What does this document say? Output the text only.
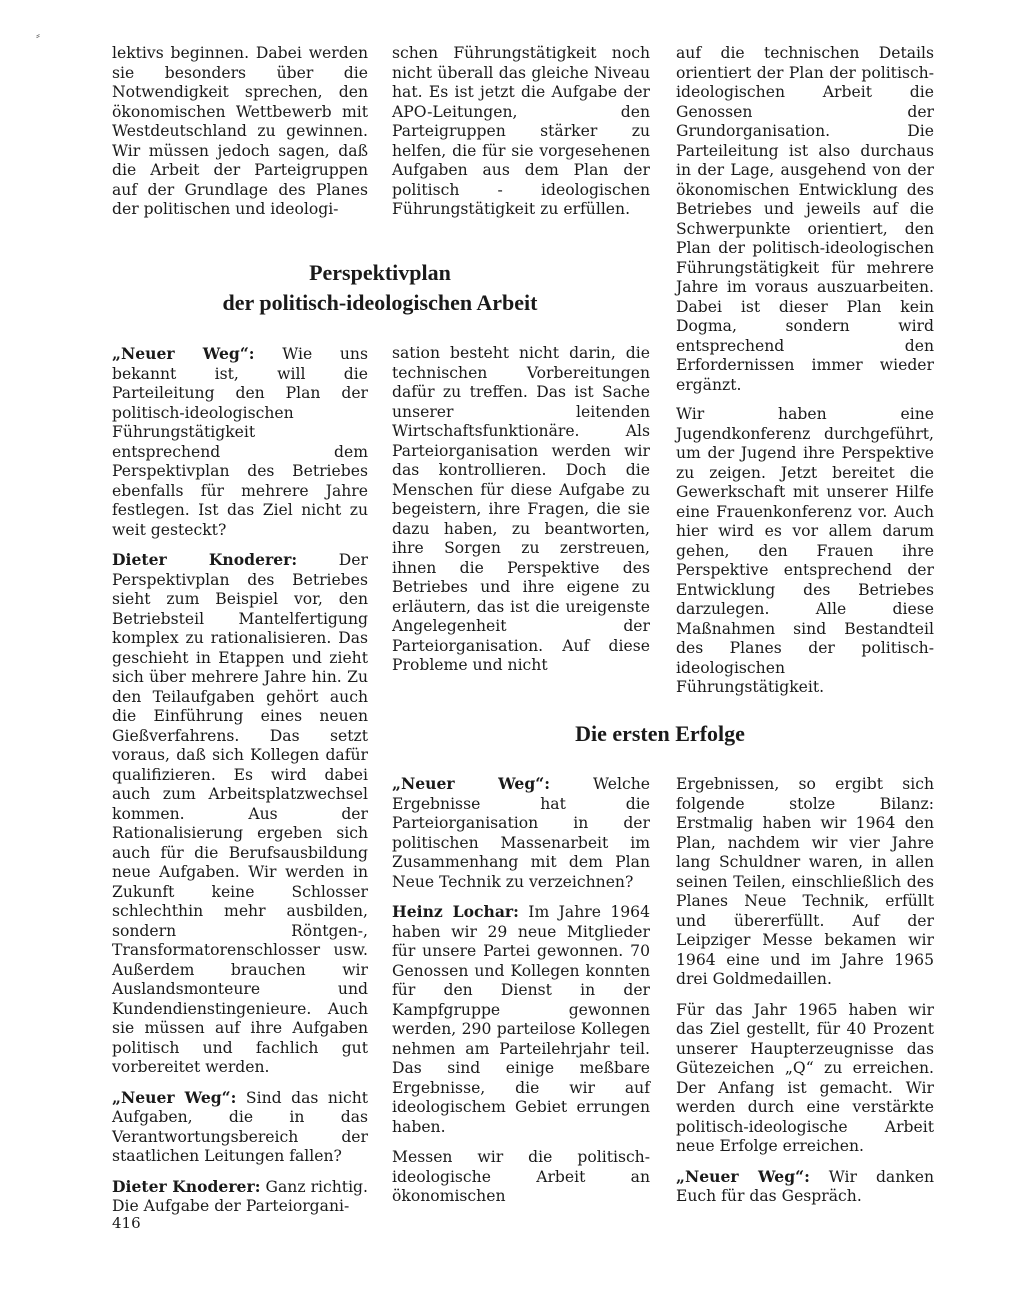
⸗

lektivs beginnen. Dabei werden sie besonders über die Notwendigkeit sprechen, den ökonomischen Wettbewerb mit Westdeutschland zu gewinnen. Wir müssen jedoch sagen, daß die Arbeit der Parteigruppen auf der Grundlage des Planes der politischen und ideologi-

schen Führungstätigkeit noch nicht überall das gleiche Niveau hat. Es ist jetzt die Aufgabe der APO-Leitungen, den Parteigruppen stärker zu helfen, die für sie vorgesehenen Aufgaben aus dem Plan der politisch - ideologischen Führungstätigkeit zu erfüllen.

auf die technischen Details orientiert der Plan der politisch-ideologischen Arbeit die Genossen der Grundorganisation. Die Parteileitung ist also durchaus in der Lage, ausgehend von der ökonomischen Entwicklung des Betriebes und jeweils auf die Schwerpunkte orientiert, den Plan der politisch-ideologischen Führungstätigkeit für mehrere Jahre im voraus auszuarbeiten. Dabei ist dieser Plan kein Dogma, sondern wird entsprechend den Erfordernissen immer wieder ergänzt.

Wir haben eine Jugendkonferenz durchgeführt, um der Jugend ihre Perspektive zu zeigen. Jetzt bereitet die Gewerkschaft mit unserer Hilfe eine Frauenkonferenz vor. Auch hier wird es vor allem darum gehen, den Frauen ihre Perspektive entsprechend der Entwicklung des Betriebes darzulegen. Alle diese Maßnahmen sind Bestandteil des Planes der politisch-ideologischen Führungstätigkeit.

Perspektivplan
der politisch-ideologischen Arbeit

„Neuer Weg“: Wie uns bekannt ist, will die Parteileitung den Plan der politisch-ideologischen Führungstätigkeit entsprechend dem Perspektivplan des Betriebes ebenfalls für mehrere Jahre festlegen. Ist das Ziel nicht zu weit gesteckt?

Dieter Knoderer: Der Perspektivplan des Betriebes sieht zum Beispiel vor, den Betriebsteil Mantelfertigung komplex zu rationalisieren. Das geschieht in Etappen und zieht sich über mehrere Jahre hin. Zu den Teilaufgaben gehört auch die Einführung eines neuen Gießverfahrens. Das setzt voraus, daß sich Kollegen dafür qualifizieren. Es wird dabei auch zum Arbeitsplatzwechsel kommen. Aus der Rationalisierung ergeben sich auch für die Berufsausbildung neue Aufgaben. Wir werden in Zukunft keine Schlosser schlechthin mehr ausbilden, sondern Röntgen-, Transformatorenschlosser usw. Außerdem brauchen wir Auslandsmonteure und Kundendienstingenieure. Auch sie müssen auf ihre Aufgaben politisch und fachlich gut vorbereitet werden.

„Neuer Weg“: Sind das nicht Aufgaben, die in das Verantwortungsbereich der staatlichen Leitungen fallen?

Dieter Knoderer: Ganz richtig. Die Aufgabe der Parteiorgani-

sation besteht nicht darin, die technischen Vorbereitungen dafür zu treffen. Das ist Sache unserer leitenden Wirtschaftsfunktionäre. Als Parteiorganisation werden wir das kontrollieren. Doch die Menschen für diese Aufgabe zu begeistern, ihre Fragen, die sie dazu haben, zu beantworten, ihre Sorgen zu zerstreuen, ihnen die Perspektive des Betriebes und ihre eigene zu erläutern, das ist die ureigenste Angelegenheit der Parteiorganisation. Auf diese Probleme und nicht

Die ersten Erfolge

„Neuer Weg“: Welche Ergebnisse hat die Parteiorganisation in der politischen Massenarbeit im Zusammenhang mit dem Plan Neue Technik zu verzeichnen?

Heinz Lochar: Im Jahre 1964 haben wir 29 neue Mitglieder für unsere Partei gewonnen. 70 Genossen und Kollegen konnten für den Dienst in der Kampfgruppe gewonnen werden, 290 parteilose Kollegen nehmen am Parteilehrjahr teil. Das sind einige meßbare Ergebnisse, die wir auf ideologischem Gebiet errungen haben.

Messen wir die politisch-ideologische Arbeit an ökonomischen

Ergebnissen, so ergibt sich folgende stolze Bilanz: Erstmalig haben wir 1964 den Plan, nachdem wir vier Jahre lang Schuldner waren, in allen seinen Teilen, einschließlich des Planes Neue Technik, erfüllt und übererfüllt. Auf der Leipziger Messe bekamen wir 1964 eine und im Jahre 1965 drei Goldmedaillen.

Für das Jahr 1965 haben wir das Ziel gestellt, für 40 Prozent unserer Haupterzeugnisse das Gütezeichen „Q“ zu erreichen. Der Anfang ist gemacht. Wir werden durch eine verstärkte politisch-ideologische Arbeit neue Erfolge erreichen.

„Neuer Weg“: Wir danken Euch für das Gespräch.

416
